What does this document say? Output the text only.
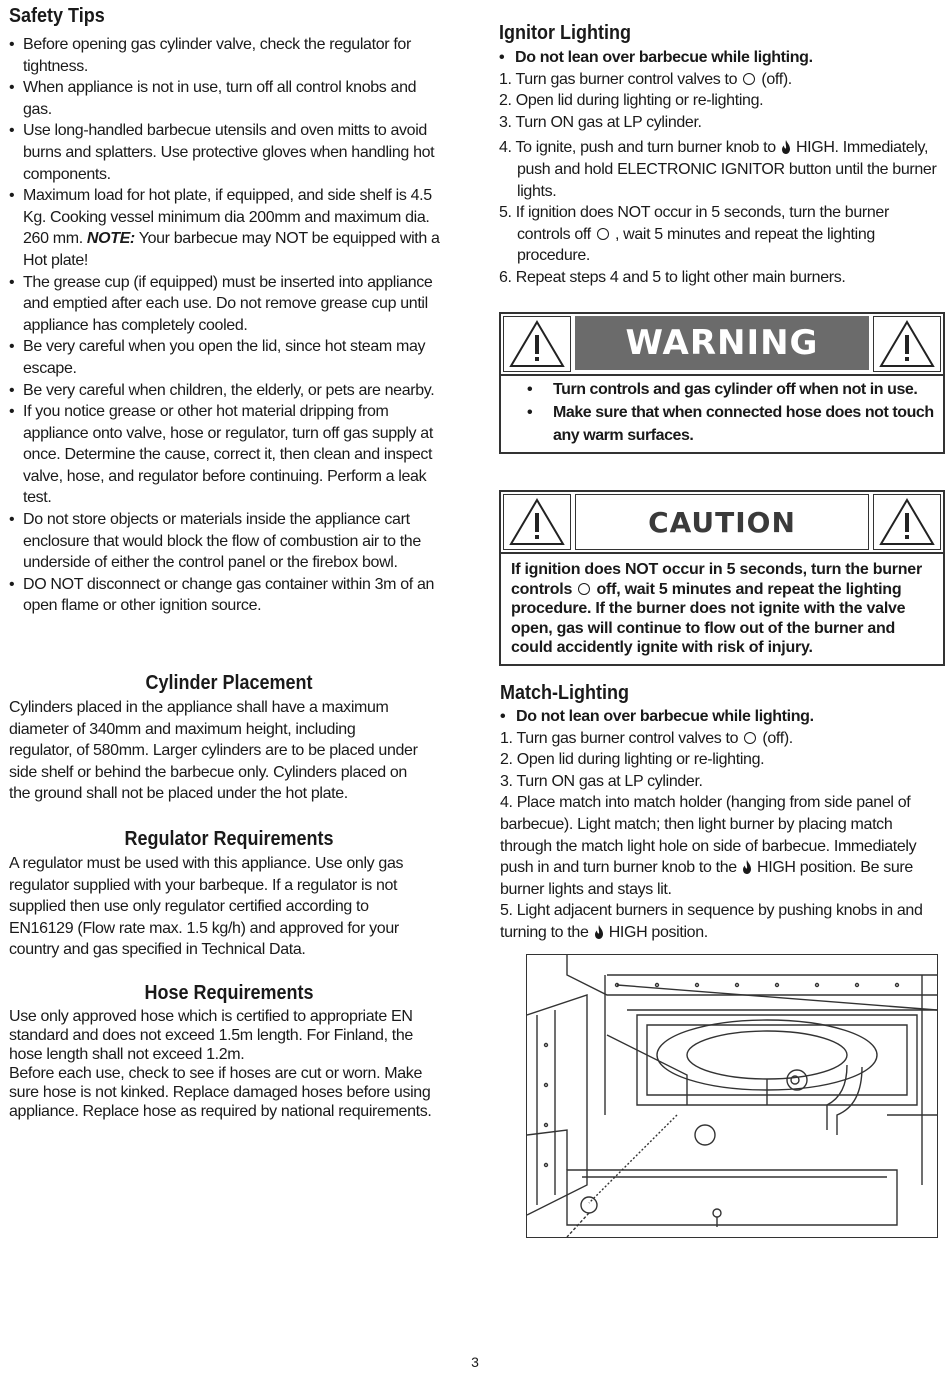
Safety Tips
• Before opening gas cylinder valve, check the regulator for tightness.
• When appliance is not in use, turn off all control knobs and gas.
• Use long-handled barbecue utensils and oven mitts to avoid burns and splatters. Use protective gloves when handling hot components.
• Maximum load for hot plate, if equipped, and side shelf is 4.5 Kg. Cooking vessel minimum dia 200mm and maximum dia. 260 mm. NOTE: Your barbecue may NOT be equipped with a Hot plate!
• The grease cup (if equipped) must be inserted into appliance and emptied after each use. Do not remove grease cup until appliance has completely cooled.
• Be very careful when you open the lid, since hot steam may escape.
• Be very careful when children, the elderly, or pets are nearby.
• If you notice grease or other hot material dripping from appliance onto valve, hose or regulator, turn off gas supply at once. Determine the cause, correct it, then clean and inspect valve, hose, and regulator before continuing. Perform a leak test.
• Do not store objects or materials inside the appliance cart enclosure that would block the flow of combustion air to the underside of either the control panel or the firebox bowl.
• DO NOT disconnect or change gas container within 3m of an open flame or other ignition source.
Cylinder Placement
Cylinders placed in the appliance shall have a maximum diameter of 340mm and maximum height, including regulator, of 580mm. Larger cylinders are to be placed under side shelf or behind the barbecue only. Cylinders placed on the ground shall not be placed under the hot plate.
Regulator Requirements
A regulator must be used with this appliance. Use only gas regulator supplied with your barbeque. If a regulator is not supplied then use only regulator certified according to EN16129 (Flow rate max. 1.5 kg/h) and approved for your country and gas specified in Technical Data.
Hose Requirements
Use only approved hose which is certified to appropriate EN standard and does not exceed 1.5m length. For Finland, the hose length shall not exceed 1.2m.
Before each use, check to see if hoses are cut or worn. Make sure hose is not kinked. Replace damaged hoses before using appliance. Replace hose as required by national requirements.
Ignitor Lighting
• Do not lean over barbecue while lighting.
1. Turn gas burner control valves to  (off).
2. Open lid during lighting or re-lighting.
3. Turn ON gas at LP cylinder.
4. To ignite, push and turn burner knob to  HIGH. Immediately, push and hold ELECTRONIC IGNITOR button until the burner lights.
5. If ignition does NOT occur in 5 seconds, turn the burner controls off  , wait 5 minutes and repeat the lighting procedure.
6. Repeat steps 4 and 5 to light other main burners.
WARNING
• Turn controls and gas cylinder off when not in use.
• Make sure that when connected hose does not touch any warm surfaces.
CAUTION
If ignition does NOT occur in 5 seconds, turn the burner controls  off, wait 5 minutes and repeat the lighting procedure. If the burner does not ignite with the valve open, gas will continue to flow out of the burner and could accidently ignite with risk of injury.
Match-Lighting
• Do not lean over barbecue while lighting.
1. Turn gas burner control valves to  (off).
2. Open lid during lighting or re-lighting.
3. Turn ON gas at LP cylinder.
4. Place match into match holder (hanging from side panel of barbecue). Light match; then light burner by placing match through the match light hole on side of barbecue. Immediately push in and turn burner knob to the  HIGH position. Be sure burner lights and stays lit.
5. Light adjacent burners in sequence by pushing knobs in and turning to the  HIGH position.
3
